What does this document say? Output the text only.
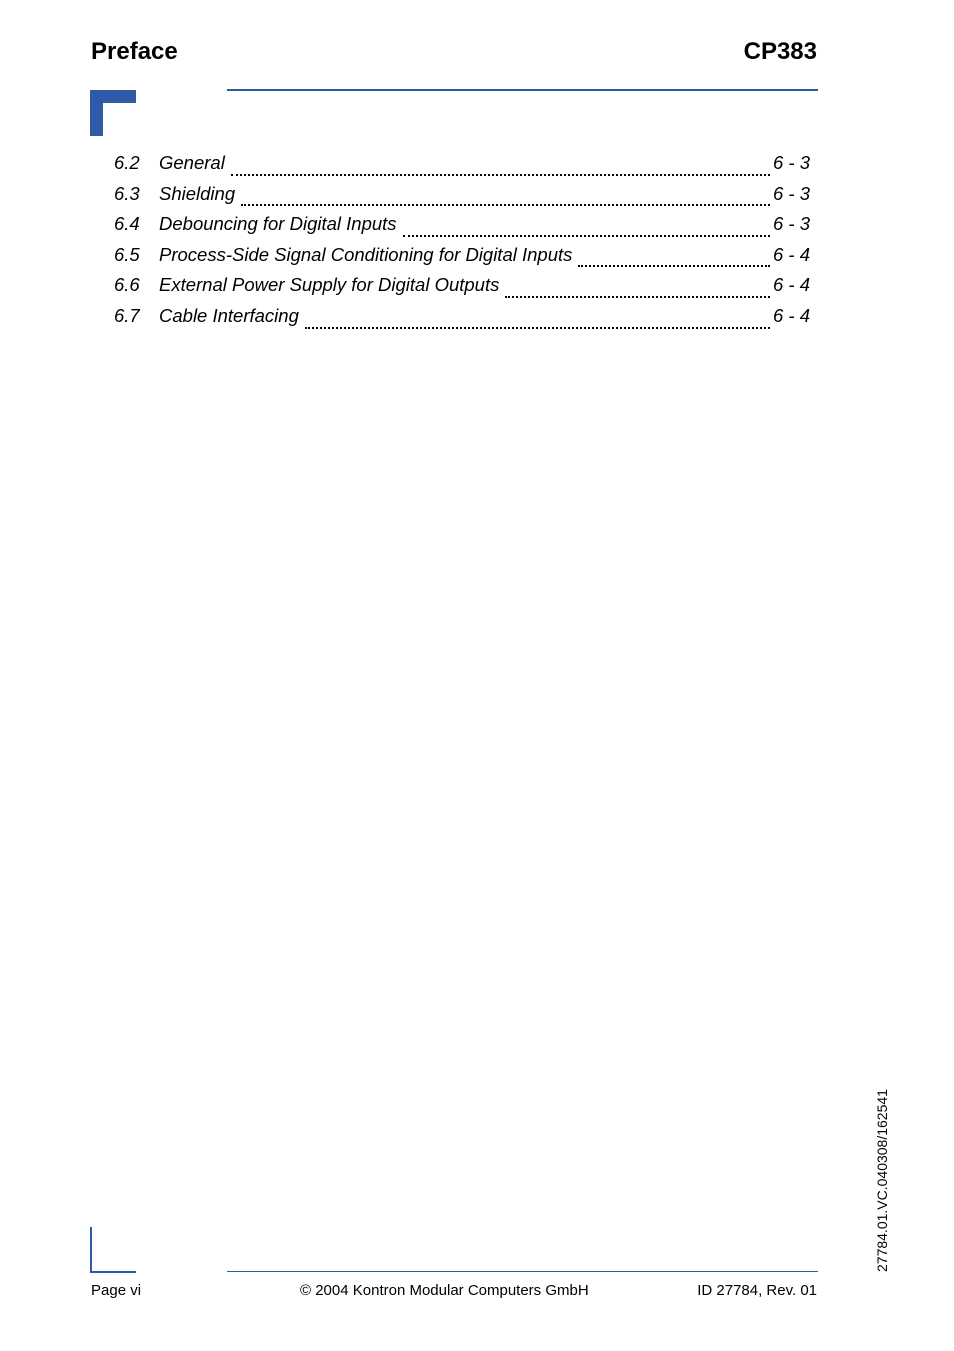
Preface	CP383
6.2	General	6 - 3
6.3	Shielding	6 - 3
6.4	Debouncing for Digital Inputs	6 - 3
6.5	Process-Side Signal Conditioning for Digital Inputs	6 - 4
6.6	External Power Supply for Digital Outputs	6 - 4
6.7	Cable Interfacing	6 - 4
Page vi	© 2004 Kontron Modular Computers GmbH	ID 27784, Rev. 01
27784.01.VC.040308/162541
